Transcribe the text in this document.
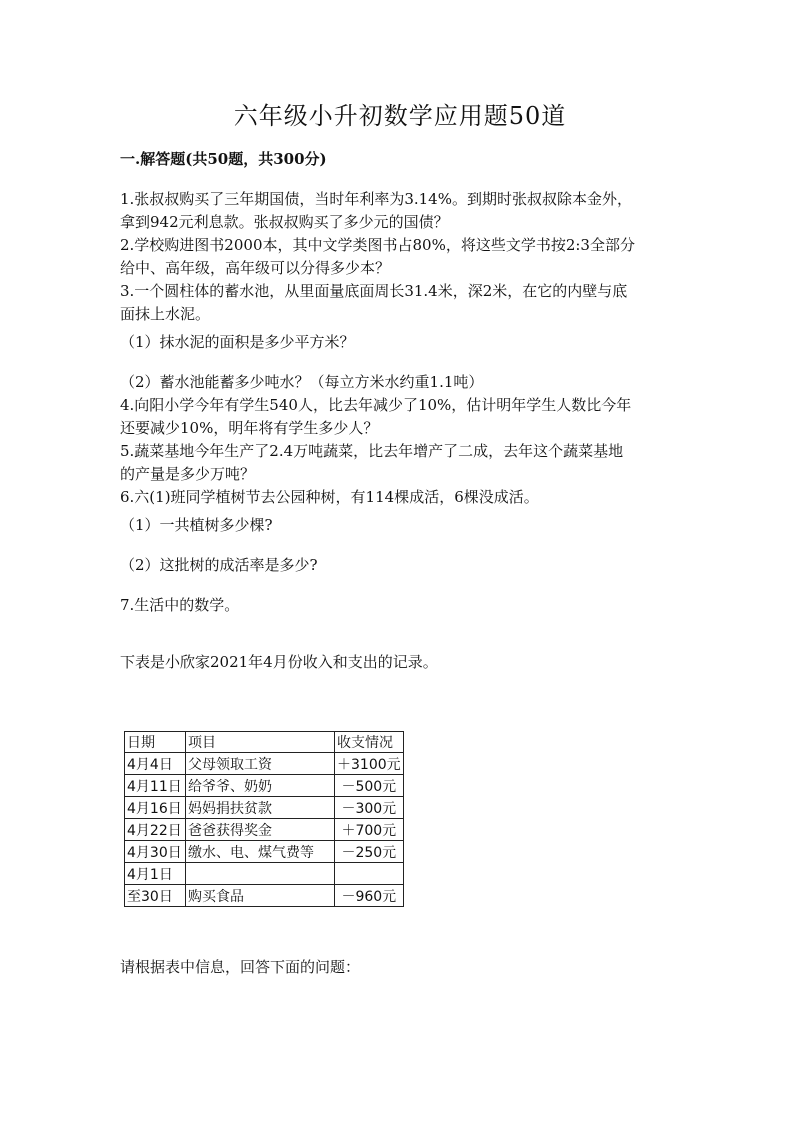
六年级小升初数学应用题50道
一.解答题(共50题，共300分)

1.张叔叔购买了三年期国债，当时年利率为3.14%。到期时张叔叔除本金外，

拿到942元利息款。张叔叔购买了多少元的国债？

2.学校购进图书2000本，其中文学类图书占80%，将这些文学书按2:3全部分

给中、高年级，高年级可以分得多少本？

3.一个圆柱体的蓄水池，从里面量底面周长31.4米，深2米，在它的内壁与底

面抹上水泥。

（1）抹水泥的面积是多少平方米？

（2）蓄水池能蓄多少吨水？（每立方米水约重1.1吨）

4.向阳小学今年有学生540人，比去年减少了10%，估计明年学生人数比今年

还要减少10%，明年将有学生多少人？

5.蔬菜基地今年生产了2.4万吨蔬菜，比去年增产了二成，去年这个蔬菜基地

的产量是多少万吨？

6.六(1)班同学植树节去公园种树，有114棵成活，6棵没成活。

（1）一共植树多少棵?

（2）这批树的成活率是多少?

7.生活中的数学。

下表是小欣家2021年4月份收入和支出的记录。

日期	项目	收支情况
4月4日	父母领取工资	＋3100元
4月11日	给爷爷、奶奶	－500元
4月16日	妈妈捐扶贫款	－300元
4月22日	爸爸获得奖金	＋700元
4月30日	缴水、电、煤气费等	－250元
4月1日		
至30日	购买食品	－960元

请根据表中信息，回答下面的问题：
